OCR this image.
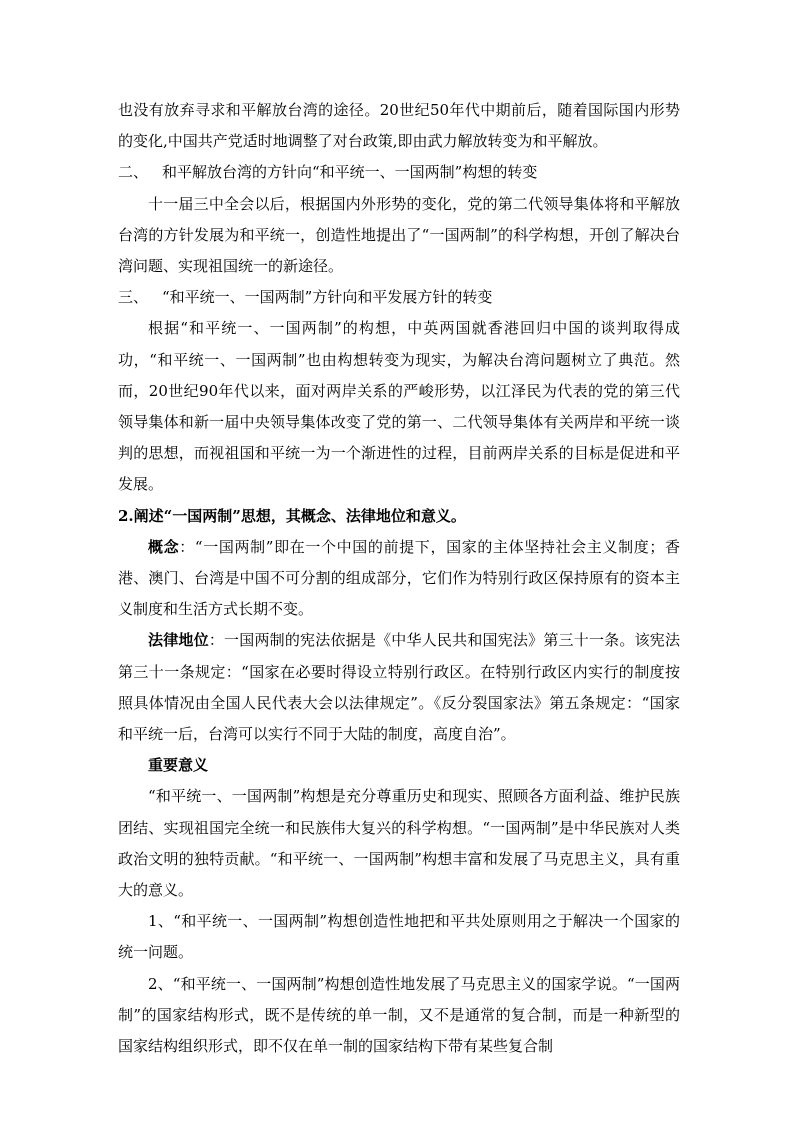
也没有放弃寻求和平解放台湾的途径。20世纪50年代中期前后，随着国际国内形势的变化,中国共产党适时地调整了对台政策,即由武力解放转变为和平解放。

二、 和平解放台湾的方针向“和平统一、一国两制”构想的转变

十一届三中全会以后，根据国内外形势的变化，党的第二代领导集体将和平解放台湾的方针发展为和平统一，创造性地提出了“一国两制”的科学构想，开创了解决台湾问题、实现祖国统一的新途径。

三、 “和平统一、一国两制”方针向和平发展方针的转变

根据“和平统一、一国两制”的构想，中英两国就香港回归中国的谈判取得成功，“和平统一、一国两制”也由构想转变为现实，为解决台湾问题树立了典范。然而，20世纪90年代以来，面对两岸关系的严峻形势，以江泽民为代表的党的第三代领导集体和新一届中央领导集体改变了党的第一、二代领导集体有关两岸和平统一谈判的思想，而视祖国和平统一为一个渐进性的过程，目前两岸关系的目标是促进和平发展。

2.阐述“一国两制”思想，其概念、法律地位和意义。

概念：“一国两制”即在一个中国的前提下，国家的主体坚持社会主义制度；香港、澳门、台湾是中国不可分割的组成部分，它们作为特别行政区保持原有的资本主义制度和生活方式长期不变。

法律地位：一国两制的宪法依据是《中华人民共和国宪法》第三十一条。该宪法第三十一条规定：“国家在必要时得设立特别行政区。在特别行政区内实行的制度按照具体情况由全国人民代表大会以法律规定”。《反分裂国家法》第五条规定：“国家和平统一后，台湾可以实行不同于大陆的制度，高度自治”。

重要意义

“和平统一、一国两制”构想是充分尊重历史和现实、照顾各方面利益、维护民族团结、实现祖国完全统一和民族伟大复兴的科学构想。“一国两制”是中华民族对人类政治文明的独特贡献。“和平统一、一国两制”构想丰富和发展了马克思主义，具有重大的意义。

1、“和平统一、一国两制”构想创造性地把和平共处原则用之于解决一个国家的统一问题。

2、“和平统一、一国两制”构想创造性地发展了马克思主义的国家学说。“一国两制”的国家结构形式，既不是传统的单一制，又不是通常的复合制，而是一种新型的国家结构组织形式，即不仅在单一制的国家结构下带有某些复合制
